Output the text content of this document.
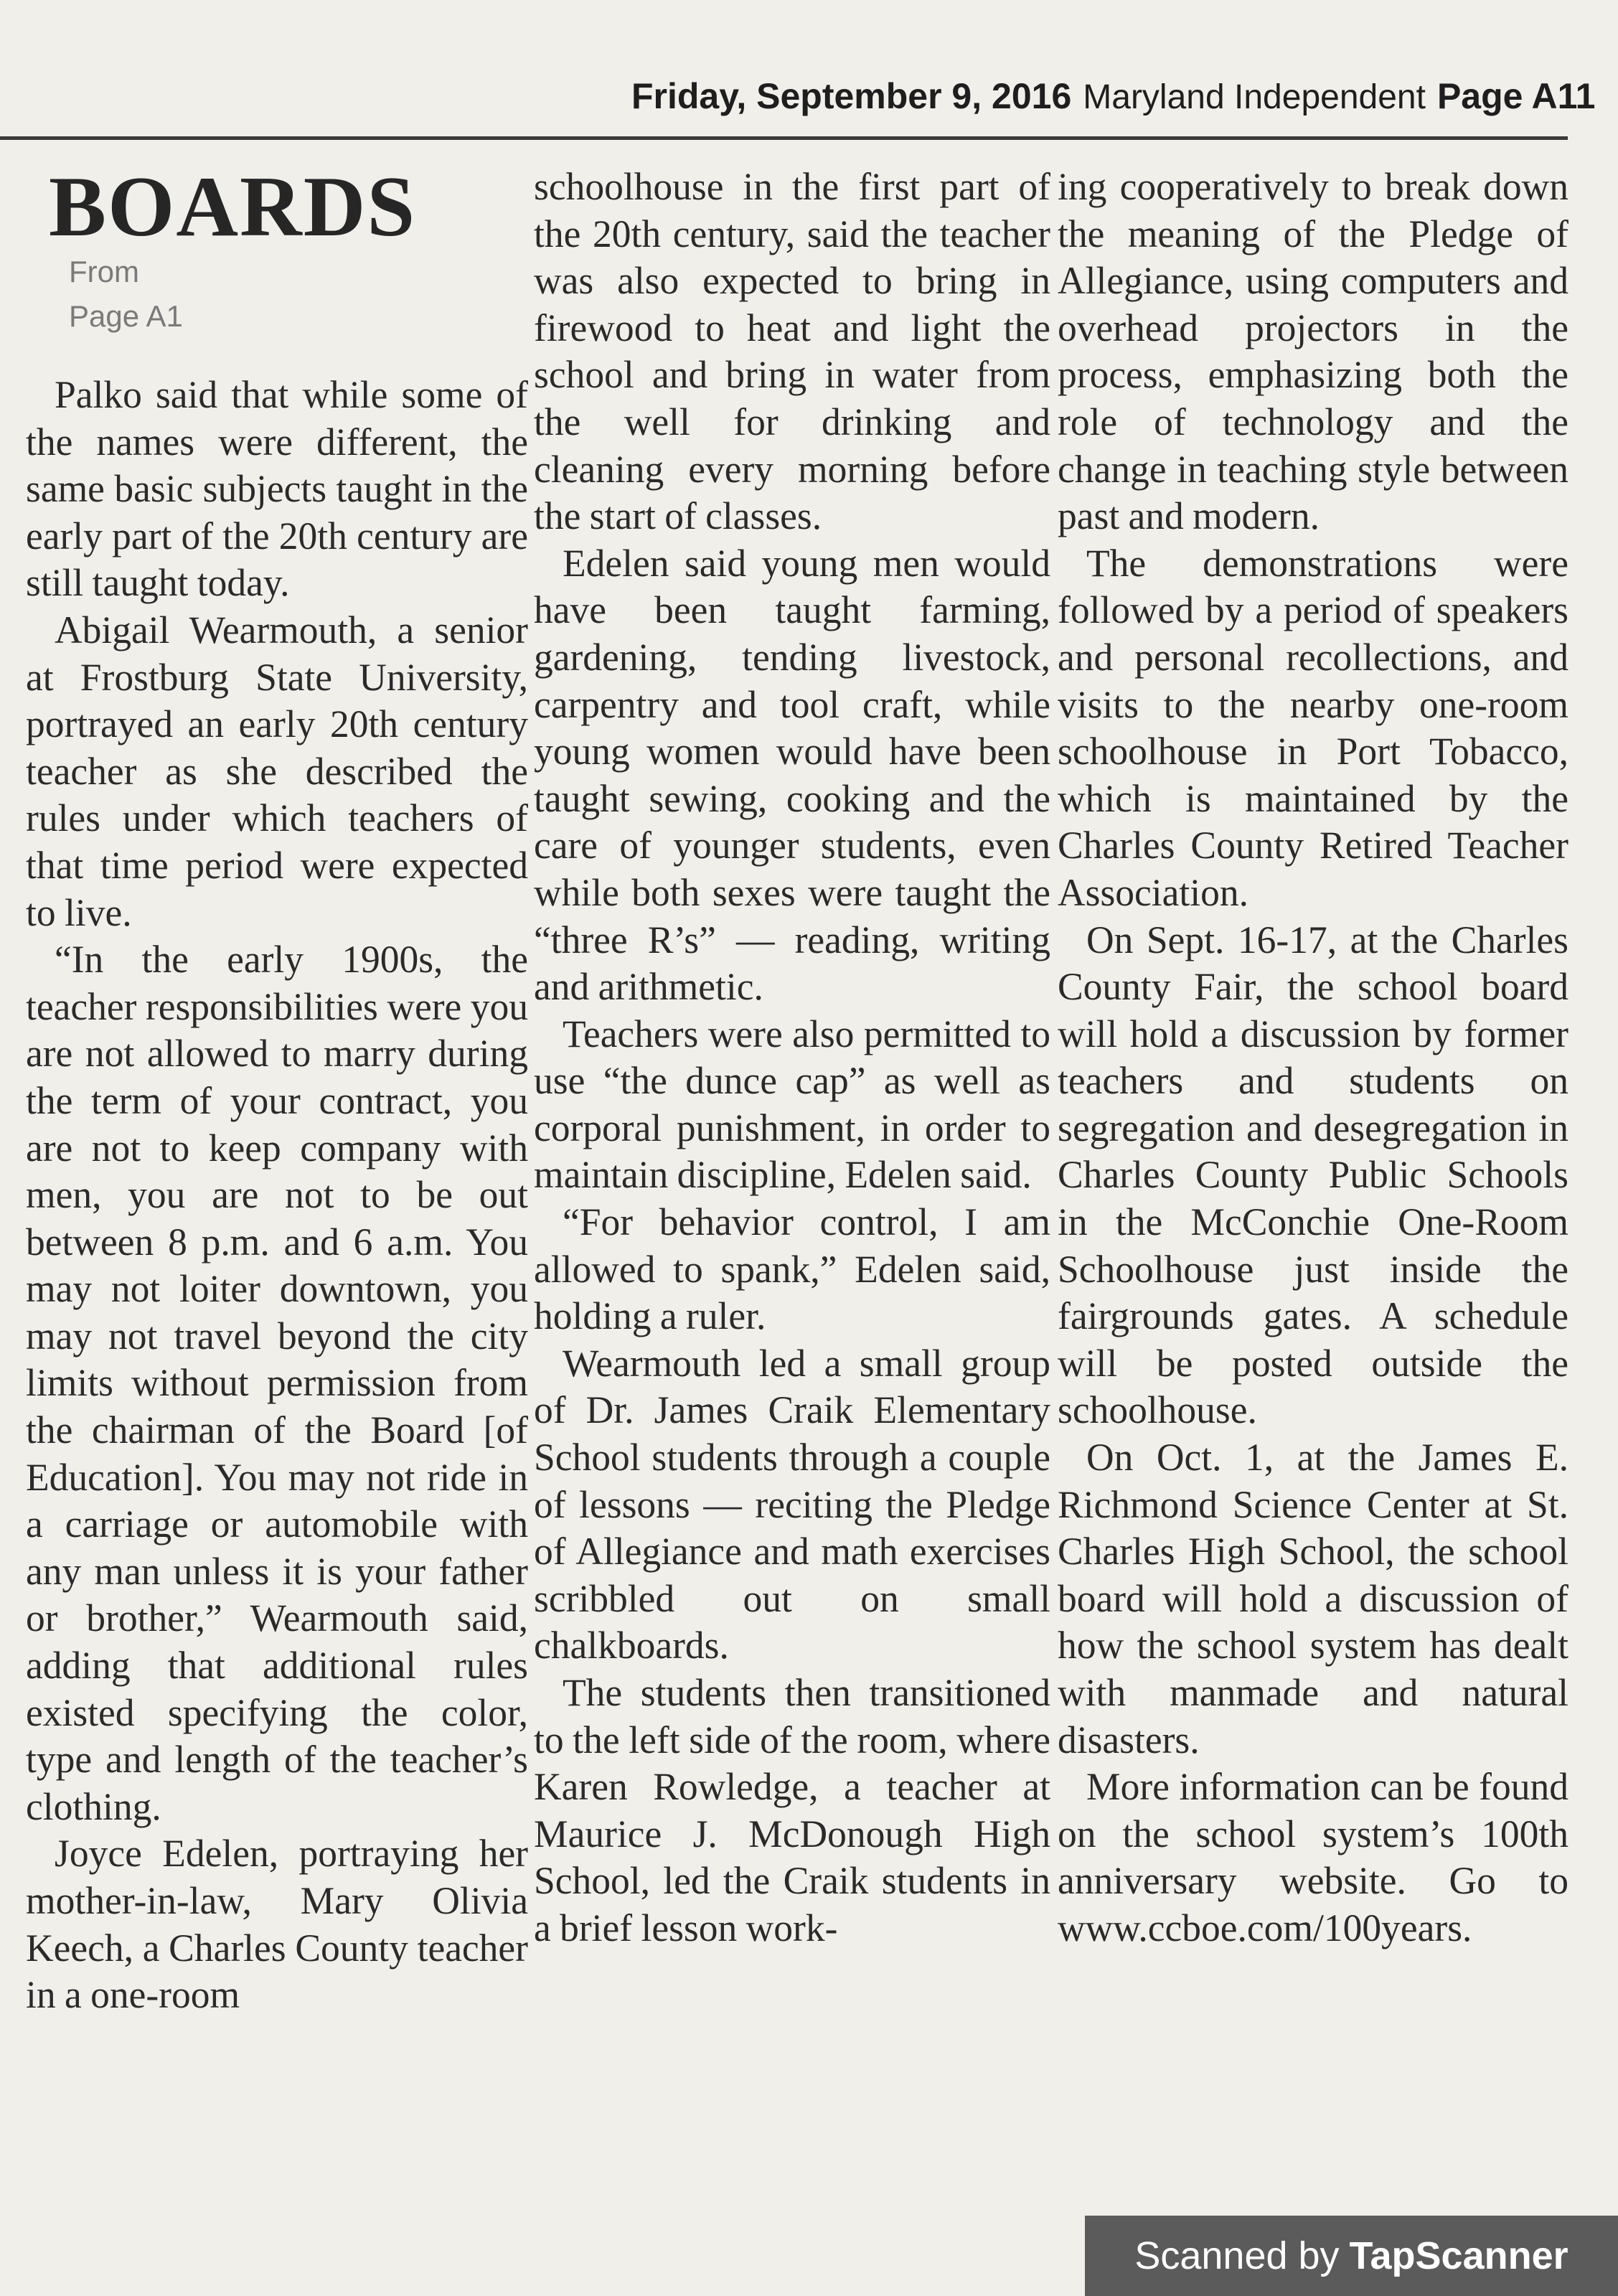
Friday, September 9, 2016 Maryland Independent Page A11
BOARDS
From
Page A1

Palko said that while some of the names were different, the same basic subjects taught in the early part of the 20th century are still taught today.

Abigail Wearmouth, a senior at Frostburg State University, portrayed an early 20th century teacher as she described the rules under which teachers of that time period were expected to live.

“In the early 1900s, the teacher responsibilities were you are not allowed to marry during the term of your contract, you are not to keep company with men, you are not to be out between 8 p.m. and 6 a.m. You may not loiter downtown, you may not travel beyond the city limits without permission from the chairman of the Board [of Education]. You may not ride in a carriage or automobile with any man unless it is your father or brother,” Wearmouth said, adding that additional rules existed specifying the color, type and length of the teacher’s clothing.

Joyce Edelen, portraying her mother-in-law, Mary Olivia Keech, a Charles County teacher in a one-room

schoolhouse in the first part of the 20th century, said the teacher was also expected to bring in firewood to heat and light the school and bring in water from the well for drinking and cleaning every morning before the start of classes.

Edelen said young men would have been taught farming, gardening, tending livestock, carpentry and tool craft, while young women would have been taught sewing, cooking and the care of younger students, even while both sexes were taught the “three R’s” — reading, writing and arithmetic.

Teachers were also permitted to use “the dunce cap” as well as corporal punishment, in order to maintain discipline, Edelen said.

“For behavior control, I am allowed to spank,” Edelen said, holding a ruler.

Wearmouth led a small group of Dr. James Craik Elementary School students through a couple of lessons — reciting the Pledge of Allegiance and math exercises scribbled out on small chalkboards.

The students then transitioned to the left side of the room, where Karen Rowledge, a teacher at Maurice J. McDonough High School, led the Craik students in a brief lesson work-

ing cooperatively to break down the meaning of the Pledge of Allegiance, using computers and overhead projectors in the process, emphasizing both the role of technology and the change in teaching style between past and modern.

The demonstrations were followed by a period of speakers and personal recollections, and visits to the nearby one-room schoolhouse in Port Tobacco, which is maintained by the Charles County Retired Teacher Association.

On Sept. 16-17, at the Charles County Fair, the school board will hold a discussion by former teachers and students on segregation and desegregation in Charles County Public Schools in the McConchie One-Room Schoolhouse just inside the fairgrounds gates. A schedule will be posted outside the schoolhouse.

On Oct. 1, at the James E. Richmond Science Center at St. Charles High School, the school board will hold a discussion of how the school system has dealt with manmade and natural disasters.

More information can be found on the school system’s 100th anniversary website. Go to www.ccboe.com/100years.

Scanned by TapScanner
